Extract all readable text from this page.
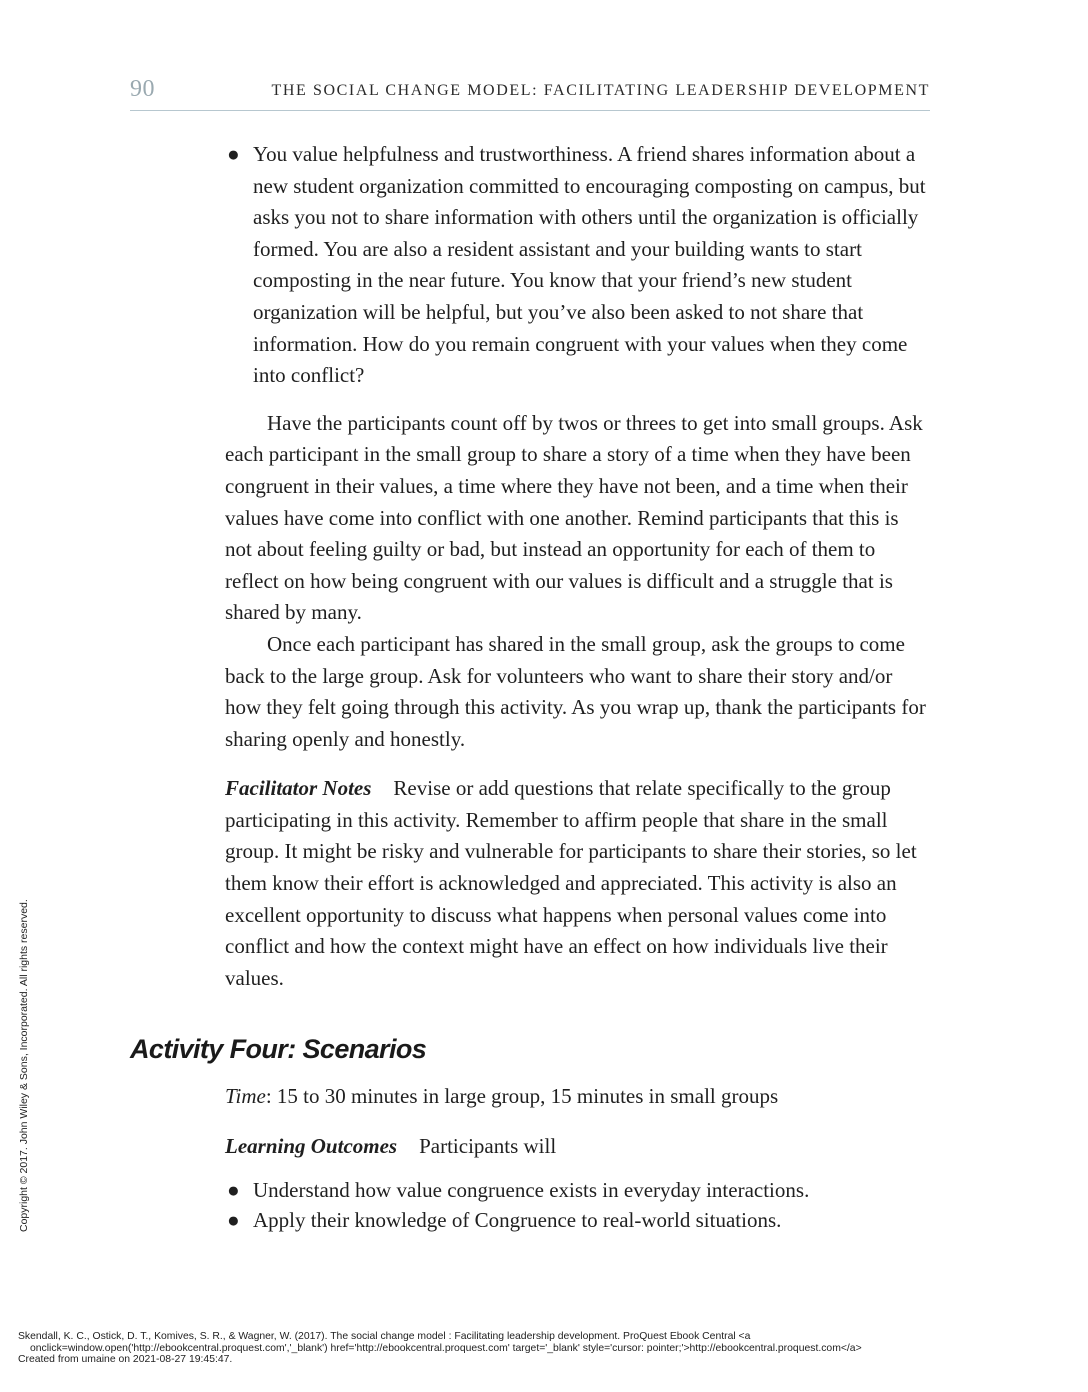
90	THE SOCIAL CHANGE MODEL: FACILITATING LEADERSHIP DEVELOPMENT
● You value helpfulness and trustworthiness. A friend shares information about a new student organization committed to encouraging composting on campus, but asks you not to share information with others until the organization is officially formed. You are also a resident assistant and your building wants to start composting in the near future. You know that your friend’s new student organization will be helpful, but you’ve also been asked to not share that information. How do you remain congruent with your values when they come into conflict?

Have the participants count off by twos or threes to get into small groups. Ask each participant in the small group to share a story of a time when they have been congruent in their values, a time where they have not been, and a time when their values have come into conflict with one another. Remind participants that this is not about feeling guilty or bad, but instead an opportunity for each of them to reflect on how being congruent with our values is difficult and a struggle that is shared by many.

Once each participant has shared in the small group, ask the groups to come back to the large group. Ask for volunteers who want to share their story and/or how they felt going through this activity. As you wrap up, thank the participants for sharing openly and honestly.

Facilitator Notes Revise or add questions that relate specifically to the group participating in this activity. Remember to affirm people that share in the small group. It might be risky and vulnerable for participants to share their stories, so let them know their effort is acknowledged and appreciated. This activity is also an excellent opportunity to discuss what happens when personal values come into conflict and how the context might have an effect on how individuals live their values.

Activity Four: Scenarios

Time: 15 to 30 minutes in large group, 15 minutes in small groups

Learning Outcomes Participants will

● Understand how value congruence exists in everyday interactions.
● Apply their knowledge of Congruence to real-world situations.
Copyright © 2017. John Wiley & Sons, Incorporated. All rights reserved.
Skendall, K. C., Ostick, D. T., Komives, S. R., & Wagner, W. (2017). The social change model : Facilitating leadership development. ProQuest Ebook Central <a
onclick=window.open('http://ebookcentral.proquest.com','_blank') href='http://ebookcentral.proquest.com' target='_blank' style='cursor: pointer;'>http://ebookcentral.proquest.com</a>
Created from umaine on 2021-08-27 19:45:47.
